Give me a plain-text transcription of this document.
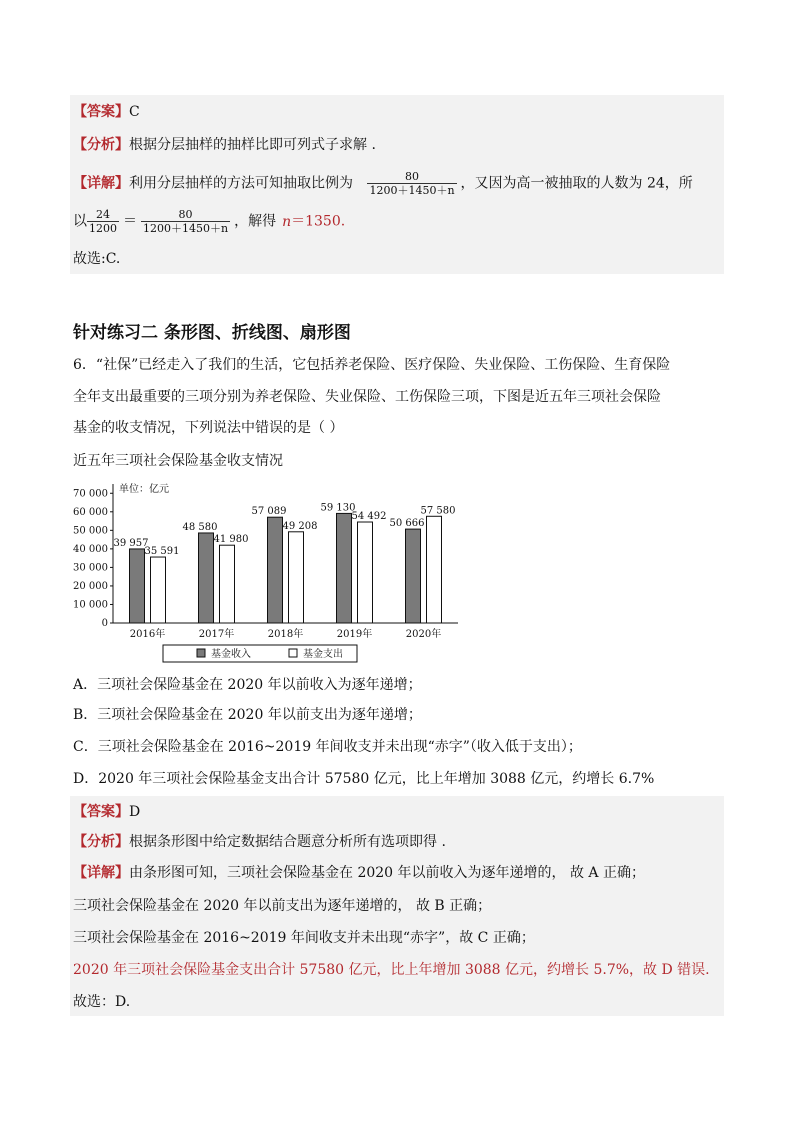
【答案】C
【分析】根据分层抽样的抽样比即可列式子求解 .
【详解】利用分层抽样的方法可知抽取比例为 $\frac{80}{1200+1450+n}$ ，又因为高一被抽取的人数为 24，所
以 $\frac{24}{1200} = \frac{80}{1200+1450+n}$ ，解得 n＝1350.
故选:C.
针对练习二 条形图、折线图、扇形图
6．“社保”已经走入了我们的生活，它包括养老保险、医疗保险、失业保险、工伤保险、生育保险
全年支出最重要的三项分别为养老保险、失业保险、工伤保险三项，下图是近五年三项社会保险
基金的收支情况，下列说法中错误的是（ ）
近五年三项社会保险基金收支情况
单位：亿元
0
10 000
20 000
30 000
40 000
50 000
60 000
70 000
39 957
35 591
2016年
48 580
41 980
2017年
57 089
49 208
2018年
59 130
54 492
2019年
50 666
57 580
2020年
基金收入	基金支出
A．三项社会保险基金在 2020 年以前收入为逐年递增；
B．三项社会保险基金在 2020 年以前支出为逐年递增；
C．三项社会保险基金在 2016~2019 年间收支并未出现“赤字”（收入低于支出）；
D．2020 年三项社会保险基金支出合计 57580 亿元，比上年增加 3088 亿元，约增长 6.7%
【答案】D
【分析】根据条形图中给定数据结合题意分析所有选项即得 .
【详解】由条形图可知，三项社会保险基金在 2020 年以前收入为逐年递增的， 故 A 正确；
三项社会保险基金在 2020 年以前支出为逐年递增的， 故 B 正确；
三项社会保险基金在 2016~2019 年间收支并未出现“赤字”，故 C 正确；
2020 年三项社会保险基金支出合计 57580 亿元，比上年增加 3088 亿元，约增长 5.7%，故 D 错误.
故选：D.
